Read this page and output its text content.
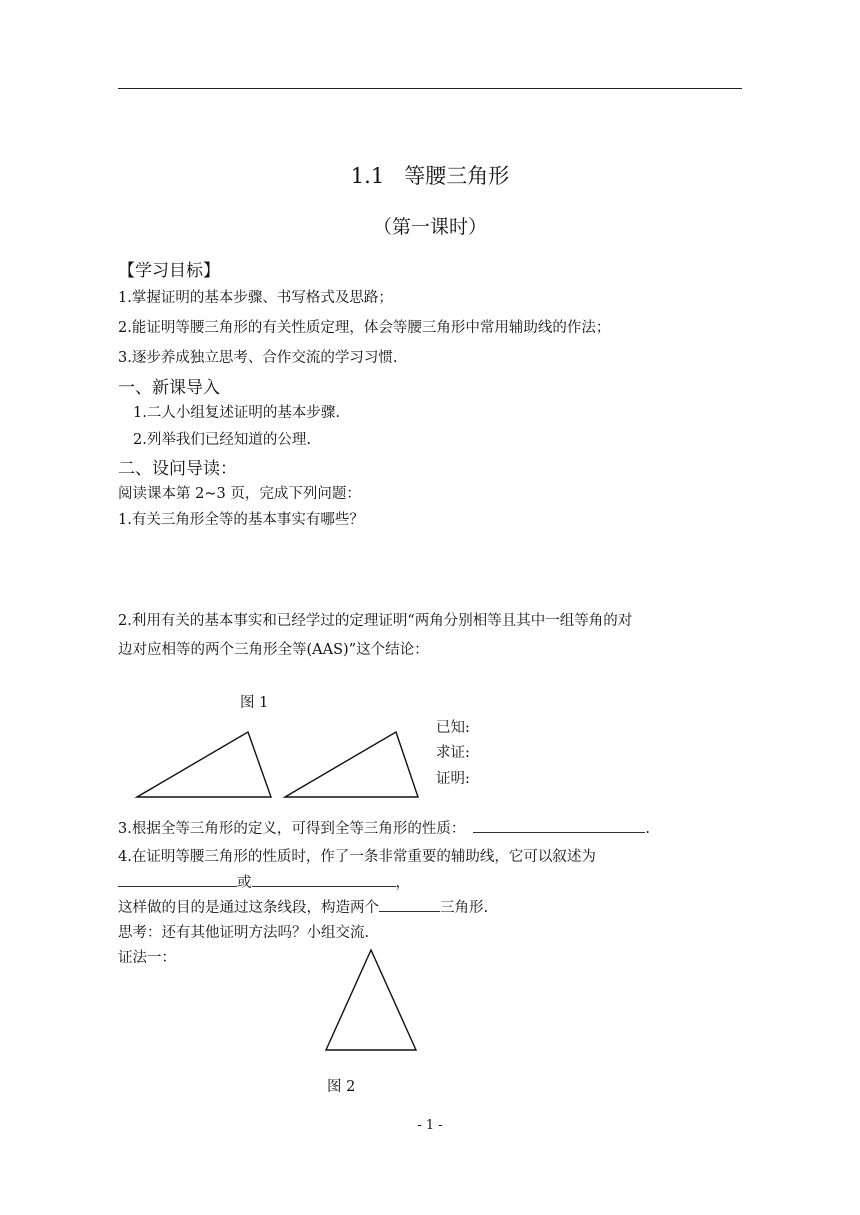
1.1 等腰三角形
（第一课时）
【学习目标】
1.掌握证明的基本步骤、书写格式及思路；
2.能证明等腰三角形的有关性质定理，体会等腰三角形中常用辅助线的作法；
3.逐步养成独立思考、合作交流的学习习惯.
一、新课导入
1.二人小组复述证明的基本步骤.
2.列举我们已经知道的公理.
二、设问导读：
阅读课本第 2~3 页，完成下列问题：
1.有关三角形全等的基本事实有哪些？
2.利用有关的基本事实和已经学过的定理证明“两角分别相等且其中一组等角的对
边对应相等的两个三角形全等(AAS)”这个结论：
图 1
已知:
求证:
证明:
3.根据全等三角形的定义，可得到全等三角形的性质：	.
4.在证明等腰三角形的性质时，作了一条非常重要的辅助线，它可以叙述为
或	，
这样做的目的是通过这条线段，构造两个	三角形.
思考：还有其他证明方法吗？小组交流.
证法一：
图 2
- 1 -
